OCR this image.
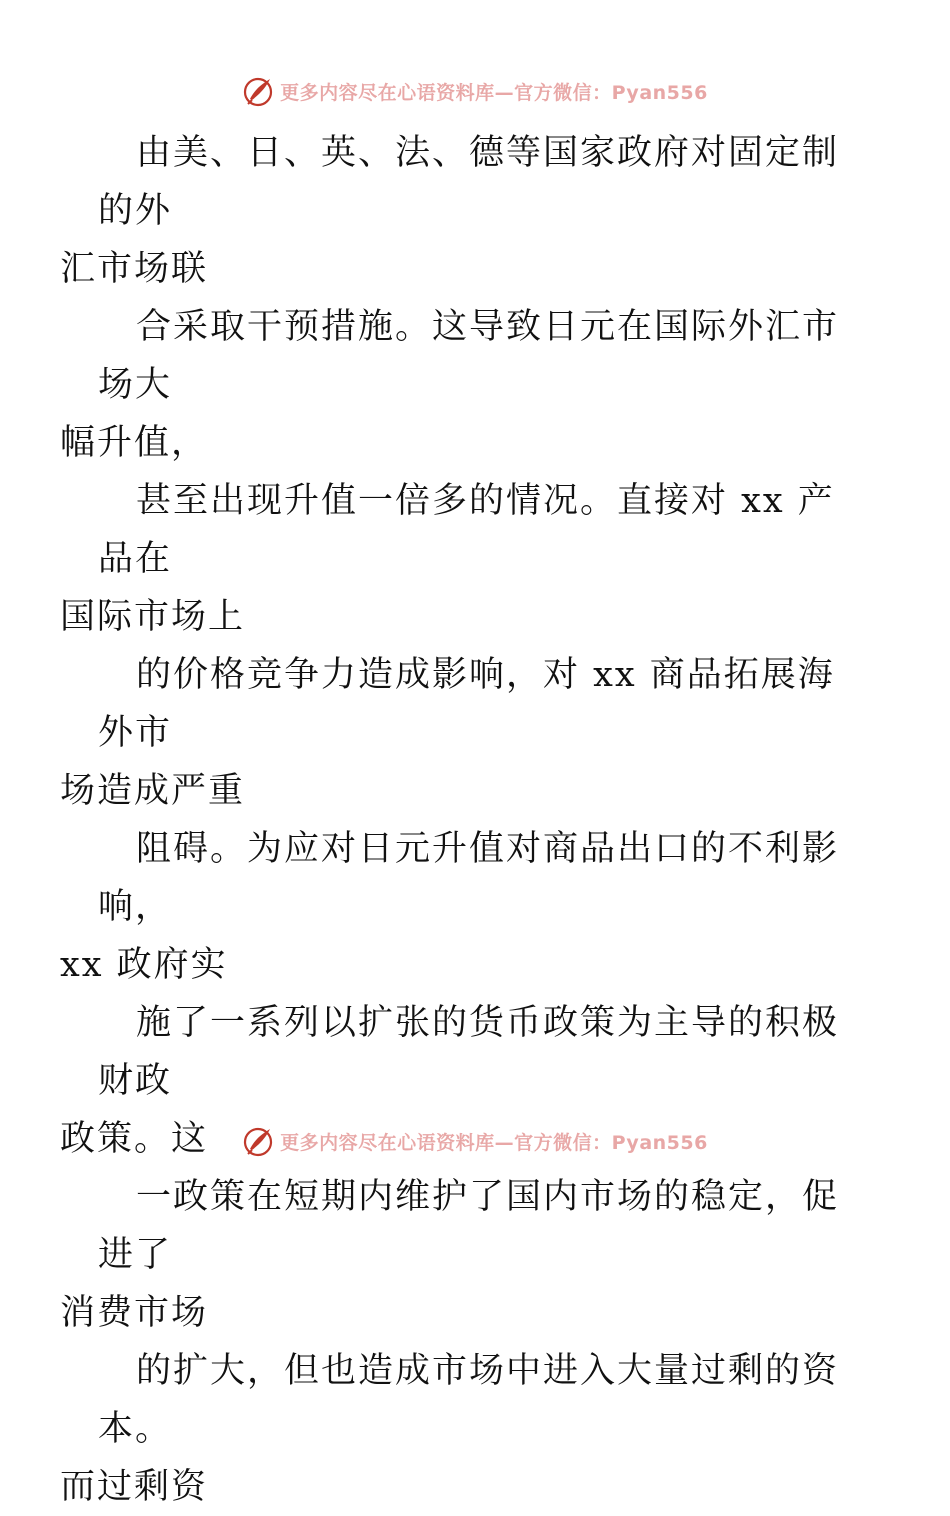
更多内容尽在心语资料库—官方微信：Pyan556

由美、日、英、法、德等国家政府对固定制的外
汇市场联

合采取干预措施。这导致日元在国际外汇市场大
幅升值，

甚至出现升值一倍多的情况。直接对 xx 产品在
国际市场上

的价格竞争力造成影响，对 xx 商品拓展海外市
场造成严重

阻碍。为应对日元升值对商品出口的不利影响，
xx 政府实

施了一系列以扩张的货币政策为主导的积极财政
政策。这

一政策在短期内维护了国内市场的稳定，促进了
消费市场

的扩大，但也造成市场中进入大量过剩的资本。
而过剩资

更多内容尽在心语资料库—官方微信：Pyan556
